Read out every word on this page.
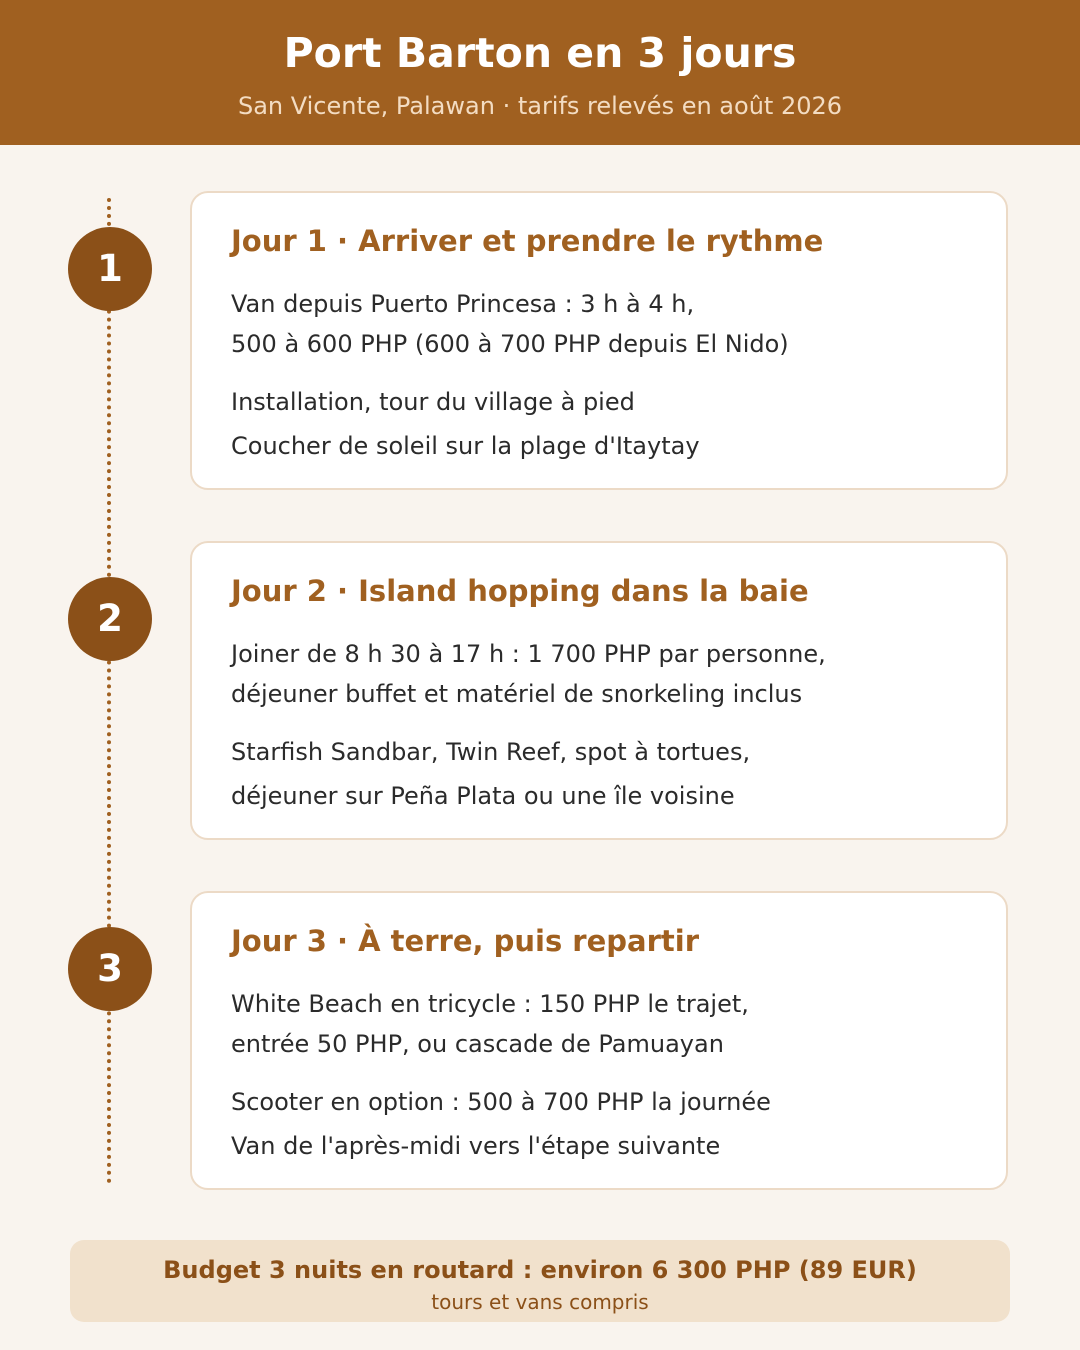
Port Barton en 3 jours
San Vicente, Palawan · tarifs relevés en août 2026
1
Jour 1 · Arriver et prendre le rythme
Van depuis Puerto Princesa : 3 h à 4 h,
500 à 600 PHP (600 à 700 PHP depuis El Nido)
Installation, tour du village à pied
Coucher de soleil sur la plage d'Itaytay
2
Jour 2 · Island hopping dans la baie
Joiner de 8 h 30 à 17 h : 1 700 PHP par personne,
déjeuner buffet et matériel de snorkeling inclus
Starfish Sandbar, Twin Reef, spot à tortues,
déjeuner sur Peña Plata ou une île voisine
3
Jour 3 · À terre, puis repartir
White Beach en tricycle : 150 PHP le trajet,
entrée 50 PHP, ou cascade de Pamuayan
Scooter en option : 500 à 700 PHP la journée
Van de l'après-midi vers l'étape suivante
Budget 3 nuits en routard : environ 6 300 PHP (89 EUR)
tours et vans compris
